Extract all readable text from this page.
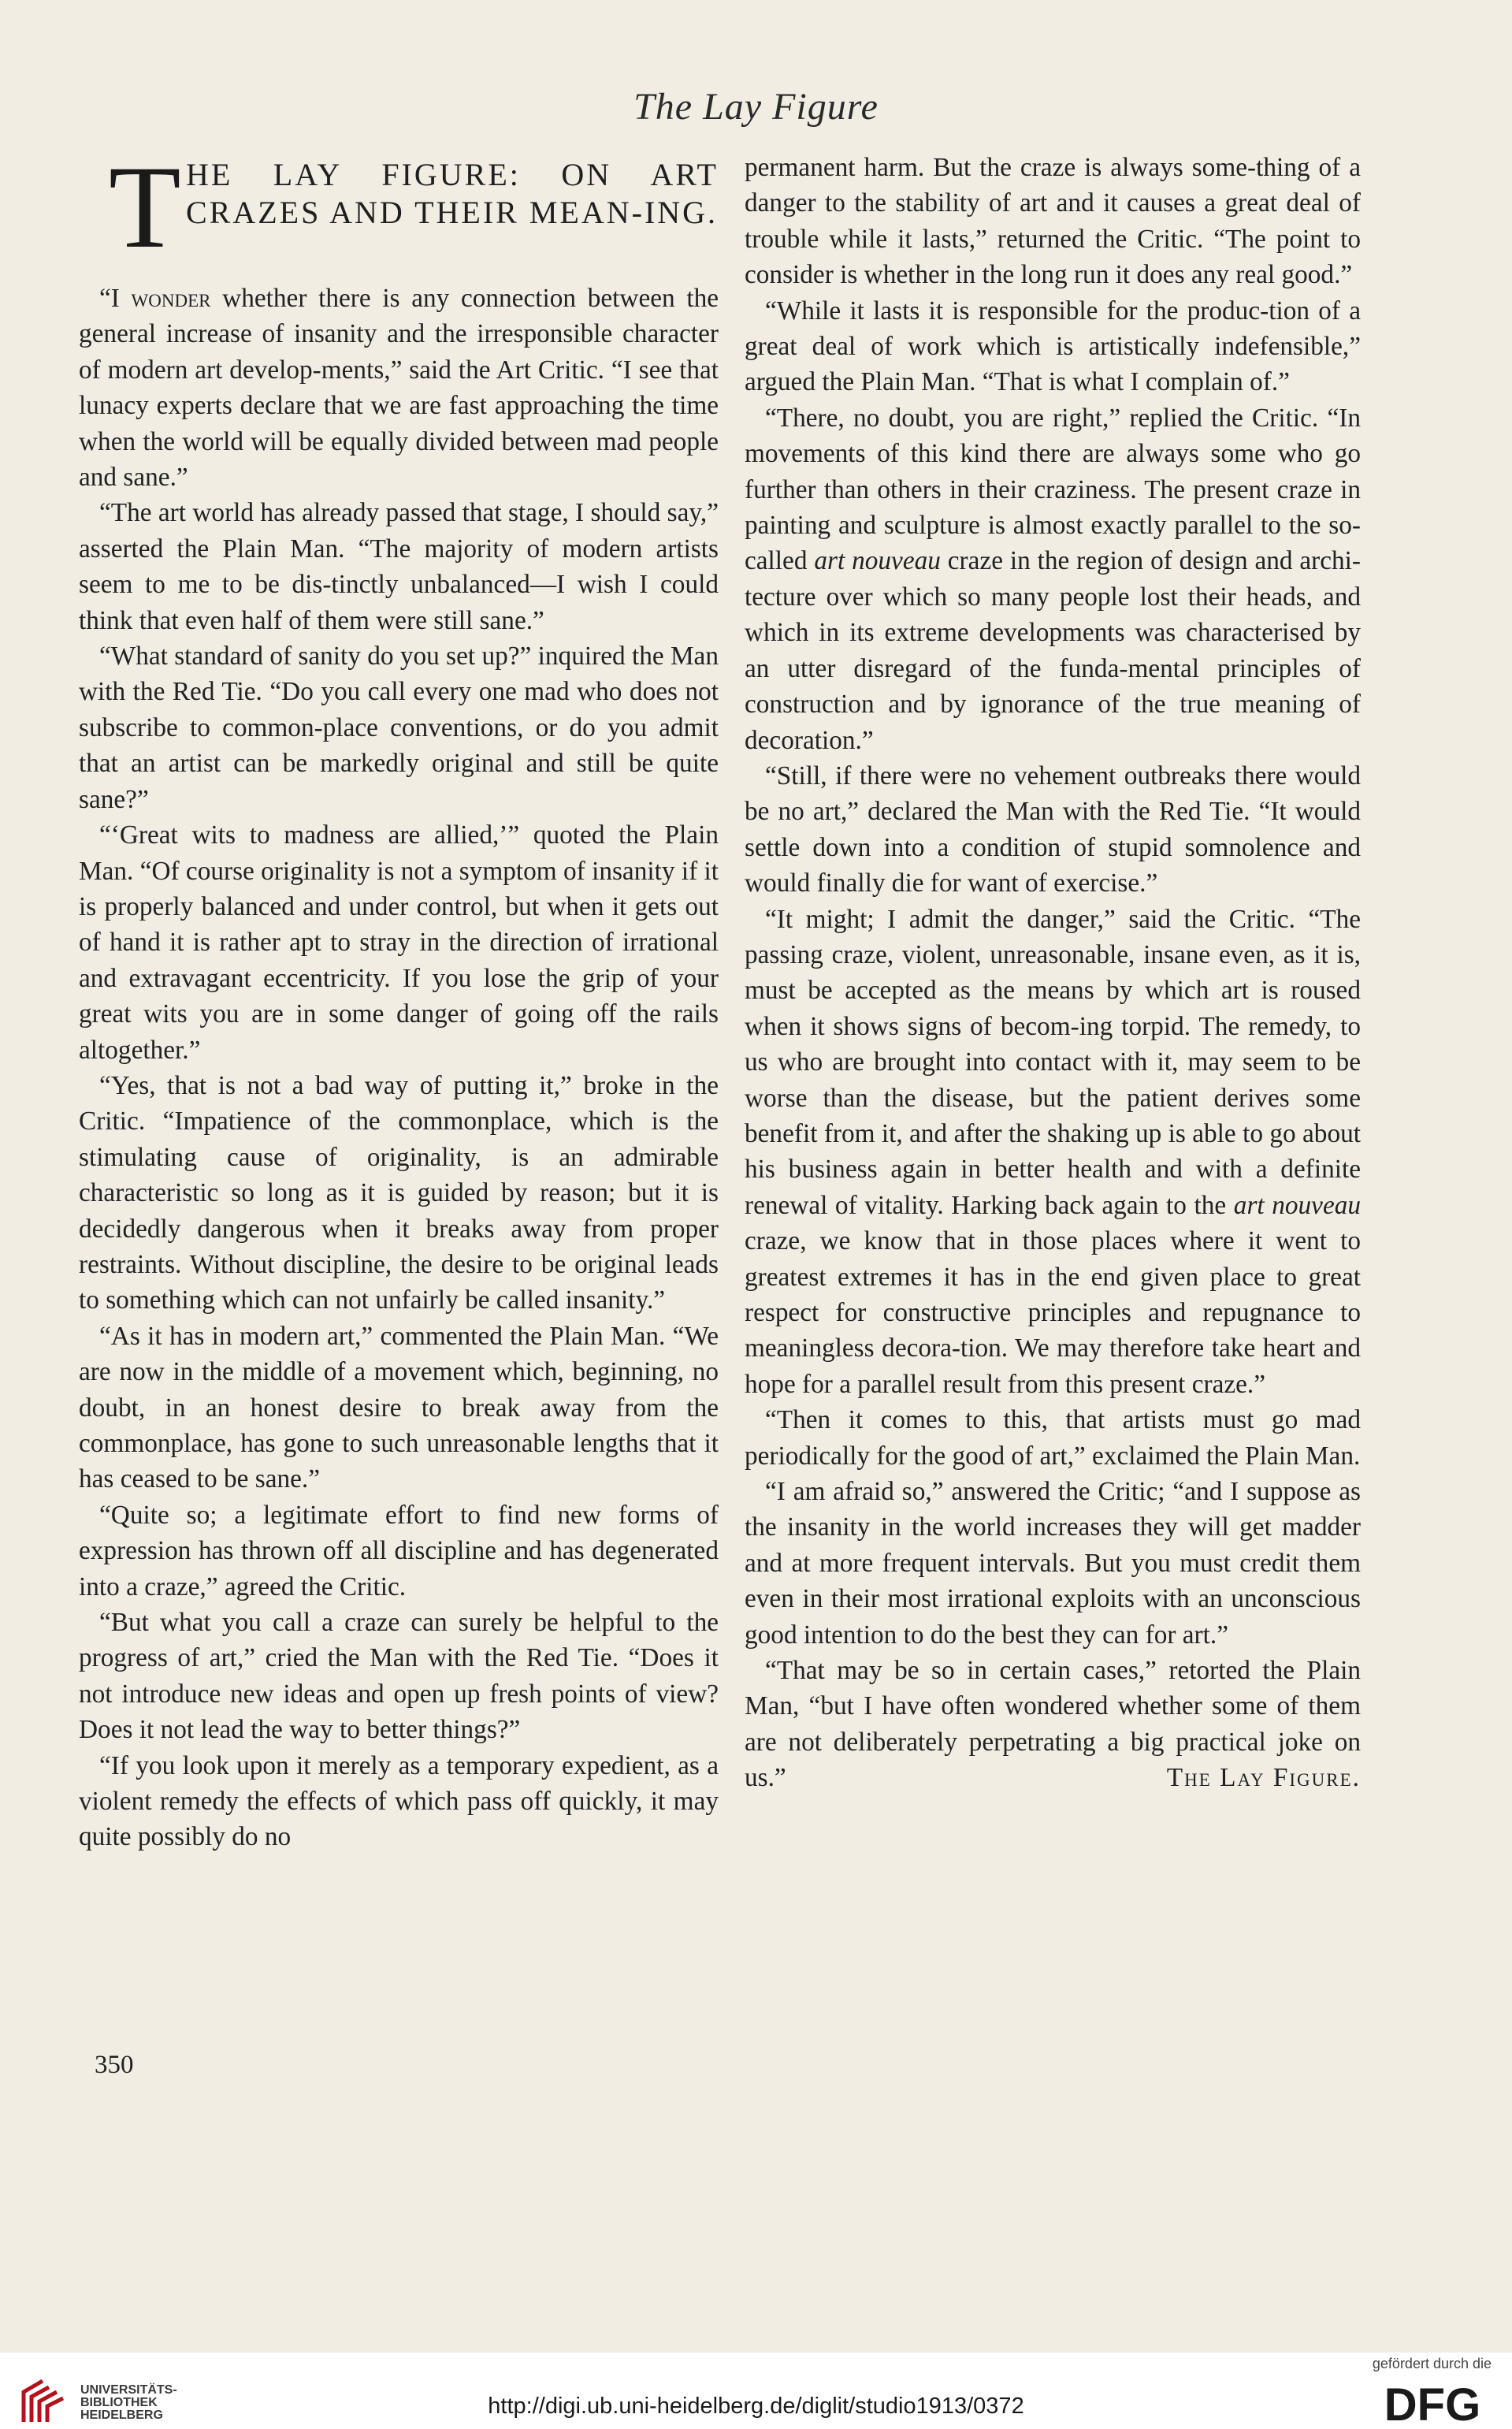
The Lay Figure
T HE LAY FIGURE: ON ART CRAZES AND THEIR MEAN-ING.

“I wonder whether there is any connection between the general increase of insanity and the irresponsible character of modern art develop-ments,” said the Art Critic. “I see that lunacy experts declare that we are fast approaching the time when the world will be equally divided between mad people and sane.”

“The art world has already passed that stage, I should say,” asserted the Plain Man. “The majority of modern artists seem to me to be dis-tinctly unbalanced—I wish I could think that even half of them were still sane.”

“What standard of sanity do you set up?” inquired the Man with the Red Tie. “Do you call every one mad who does not subscribe to common-place conventions, or do you admit that an artist can be markedly original and still be quite sane?”

“‘Great wits to madness are allied,’” quoted the Plain Man. “Of course originality is not a symptom of insanity if it is properly balanced and under control, but when it gets out of hand it is rather apt to stray in the direction of irrational and extravagant eccentricity. If you lose the grip of your great wits you are in some danger of going off the rails altogether.”

“Yes, that is not a bad way of putting it,” broke in the Critic. “Impatience of the commonplace, which is the stimulating cause of originality, is an admirable characteristic so long as it is guided by reason; but it is decidedly dangerous when it breaks away from proper restraints. Without discipline, the desire to be original leads to something which can not unfairly be called insanity.”

“As it has in modern art,” commented the Plain Man. “We are now in the middle of a movement which, beginning, no doubt, in an honest desire to break away from the commonplace, has gone to such unreasonable lengths that it has ceased to be sane.”

“Quite so; a legitimate effort to find new forms of expression has thrown off all discipline and has degenerated into a craze,” agreed the Critic.

“But what you call a craze can surely be helpful to the progress of art,” cried the Man with the Red Tie. “Does it not introduce new ideas and open up fresh points of view? Does it not lead the way to better things?”

“If you look upon it merely as a temporary expedient, as a violent remedy the effects of which pass off quickly, it may quite possibly do no

permanent harm. But the craze is always some-thing of a danger to the stability of art and it causes a great deal of trouble while it lasts,” returned the Critic. “The point to consider is whether in the long run it does any real good.”

“While it lasts it is responsible for the produc-tion of a great deal of work which is artistically indefensible,” argued the Plain Man. “That is what I complain of.”

“There, no doubt, you are right,” replied the Critic. “In movements of this kind there are always some who go further than others in their craziness. The present craze in painting and sculpture is almost exactly parallel to the so-called art nouveau craze in the region of design and archi-tecture over which so many people lost their heads, and which in its extreme developments was characterised by an utter disregard of the funda-mental principles of construction and by ignorance of the true meaning of decoration.”

“Still, if there were no vehement outbreaks there would be no art,” declared the Man with the Red Tie. “It would settle down into a condition of stupid somnolence and would finally die for want of exercise.”

“It might; I admit the danger,” said the Critic. “The passing craze, violent, unreasonable, insane even, as it is, must be accepted as the means by which art is roused when it shows signs of becom-ing torpid. The remedy, to us who are brought into contact with it, may seem to be worse than the disease, but the patient derives some benefit from it, and after the shaking up is able to go about his business again in better health and with a definite renewal of vitality. Harking back again to the art nouveau craze, we know that in those places where it went to greatest extremes it has in the end given place to great respect for constructive principles and repugnance to meaningless decora-tion. We may therefore take heart and hope for a parallel result from this present craze.”

“Then it comes to this, that artists must go mad periodically for the good of art,” exclaimed the Plain Man.

“I am afraid so,” answered the Critic; “and I suppose as the insanity in the world increases they will get madder and at more frequent intervals. But you must credit them even in their most irrational exploits with an unconscious good intention to do the best they can for art.”

“That may be so in certain cases,” retorted the Plain Man, “but I have often wondered whether some of them are not deliberately perpetrating a big practical joke on us.”	The Lay Figure.

350
UNIVERSITÄTS-
BIBLIOTHEK
HEIDELBERG	http://digi.ub.uni-heidelberg.de/diglit/studio1913/0372
gefördert durch die
DFG
